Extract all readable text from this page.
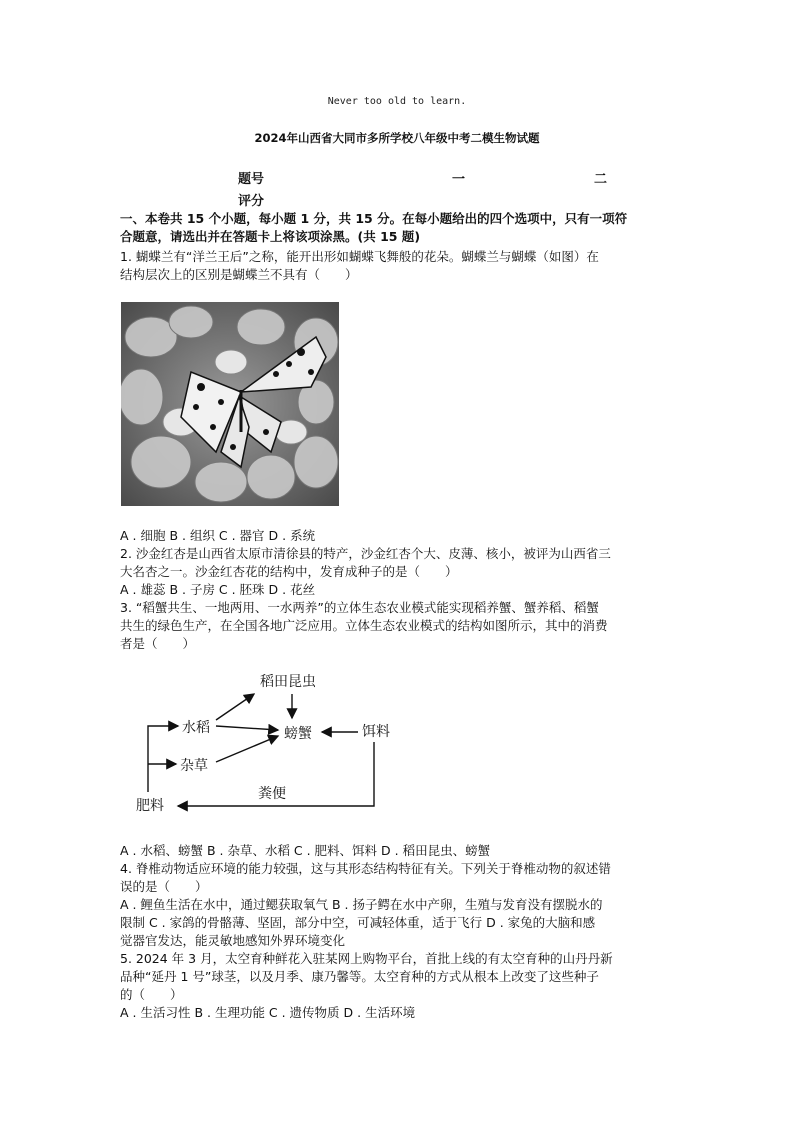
Never too old to learn.
2024年山西省大同市多所学校八年级中考二模生物试题
题号	一	二
评分
一、本卷共 15 个小题，每小题 1 分，共 15 分。在每小题给出的四个选项中，只有一项符
合题意，请选出并在答题卡上将该项涂黑。(共 15 题)
1. 蝴蝶兰有“洋兰王后”之称，能开出形如蝴蝶飞舞般的花朵。蝴蝶兰与蝴蝶（如图）在
结构层次上的区别是蝴蝶兰不具有（　　）
A . 细胞 B . 组织 C . 器官 D . 系统
2. 沙金红杏是山西省太原市清徐县的特产，沙金红杏个大、皮薄、核小，被评为山西省三
大名杏之一。沙金红杏花的结构中，发育成种子的是（　　）
A . 雄蕊 B . 子房 C . 胚珠 D . 花丝
3. “稻蟹共生、一地两用、一水两养”的立体生态农业模式能实现稻养蟹、蟹养稻、稻蟹
共生的绿色生产，在全国各地广泛应用。立体生态农业模式的结构如图所示，其中的消费
者是（　　）
稻田昆虫
水稻
杂草
螃蟹	饵料
粪便
肥料
A . 水稻、螃蟹 B . 杂草、水稻 C . 肥料、饵料 D . 稻田昆虫、螃蟹
4. 脊椎动物适应环境的能力较强，这与其形态结构特征有关。下列关于脊椎动物的叙述错
误的是（　　）
A . 鲤鱼生活在水中，通过鳃获取氧气 B . 扬子鳄在水中产卵，生殖与发育没有摆脱水的
限制 C . 家鸽的骨骼薄、坚固，部分中空，可减轻体重，适于飞行 D . 家兔的大脑和感
觉器官发达，能灵敏地感知外界环境变化
5. 2024 年 3 月，太空育种鲜花入驻某网上购物平台，首批上线的有太空育种的山丹丹新
品种“延丹 1 号”球茎，以及月季、康乃馨等。太空育种的方式从根本上改变了这些种子
的（　　）
A . 生活习性 B . 生理功能 C . 遗传物质 D . 生活环境
